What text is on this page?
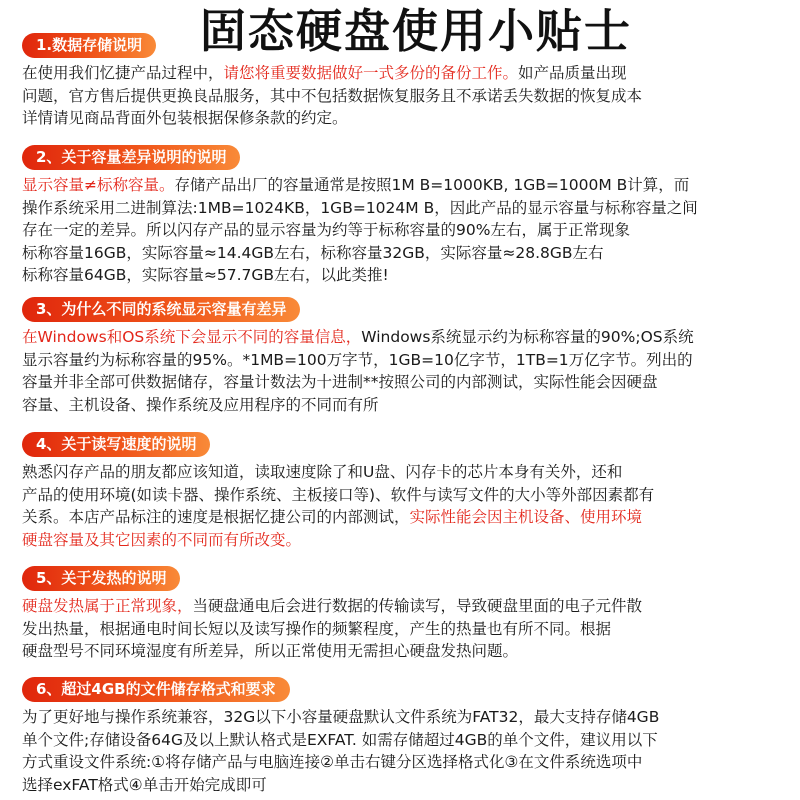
固态硬盘使用小贴士
1.数据存储说明
在使用我们忆捷产品过程中，请您将重要数据做好一式多份的备份工作。如产品质量出现
问题，官方售后提供更换良品服务，其中不包括数据恢复服务且不承诺丢失数据的恢复成本
详情请见商品背面外包装根据保修条款的约定。
2、关于容量差异说明的说明
显示容量≠标称容量。存储产品出厂的容量通常是按照1M B=1000KB, 1GB=1000M B计算，而
操作系统采用二进制算法:1MB=1024KB，1GB=1024M B，因此产品的显示容量与标称容量之间
存在一定的差异。所以闪存产品的显示容量为约等于标称容量的90%左右，属于正常现象
标称容量16GB，实际容量≈14.4GB左右，标称容量32GB，实际容量≈28.8GB左右
标称容量64GB，实际容量≈57.7GB左右，以此类推!
3、为什么不同的系统显示容量有差异
在Windows和OS系统下会显示不同的容量信息，Windows系统显示约为标称容量的90%;OS系统
显示容量约为标称容量的95%。*1MB=100万字节，1GB=10亿字节，1TB=1万亿字节。列出的
容量并非全部可供数据储存，容量计数法为十进制**按照公司的内部测试，实际性能会因硬盘
容量、主机设备、操作系统及应用程序的不同而有所
4、关于读写速度的说明
熟悉闪存产品的朋友都应该知道，读取速度除了和U盘、闪存卡的芯片本身有关外，还和
产品的使用环境(如读卡器、操作系统、主板接口等)、软件与读写文件的大小等外部因素都有
关系。本店产品标注的速度是根据忆捷公司的内部测试，实际性能会因主机设备、使用环境
硬盘容量及其它因素的不同而有所改变。
5、关于发热的说明
硬盘发热属于正常现象，当硬盘通电后会进行数据的传输读写，导致硬盘里面的电子元件散
发出热量，根据通电时间长短以及读写操作的频繁程度，产生的热量也有所不同。根据
硬盘型号不同环境湿度有所差异，所以正常使用无需担心硬盘发热问题。
6、超过4GB的文件储存格式和要求
为了更好地与操作系统兼容，32G以下小容量硬盘默认文件系统为FAT32，最大支持存储4GB
单个文件;存储设备64G及以上默认格式是EXFAT. 如需存储超过4GB的单个文件，建议用以下
方式重设文件系统:①将存储产品与电脑连接②单击右键分区选择格式化③在文件系统选项中
选择exFAT格式④单击开始完成即可
